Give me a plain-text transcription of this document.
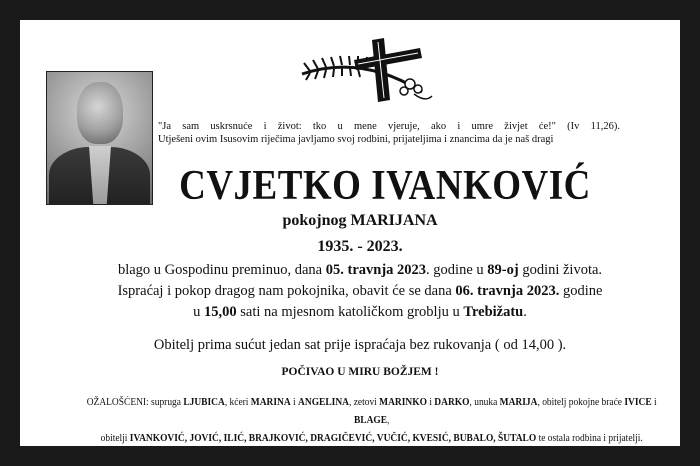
"Ja sam uskrsnuće i život: tko u mene vjeruje, ako i umre živjet će!" (Iv 11,26).
Utješeni ovim Isusovim riječima javljamo svoj rodbini, prijateljima i znancima da je naš dragi
CVJETKO IVANKOVIĆ
pokojnog MARIJANA
1935. - 2023.
blago u Gospodinu preminuo, dana 05. travnja 2023. godine u 89-oj godini života.
Ispraćaj i pokop dragog nam pokojnika, obavit će se dana 06. travnja 2023. godine
u 15,00 sati na mjesnom katoličkom groblju u Trebižatu.
Obitelj prima sućut jedan sat prije ispraćaja bez rukovanja ( od 14,00 ).
POČIVAO U MIRU BOŽJEM !
OŽALOŠĆENI: supruga LJUBICA, kćeri MARINA i ANGELINA, zetovi MARINKO i DARKO, unuka MARIJA, obitelj pokojne braće IVICE i BLAGE,
obitelji IVANKOVIĆ, JOVIĆ, ILIĆ, BRAJKOVIĆ, DRAGIČEVIĆ, VUČIĆ, KVESIĆ, BUBALO, ŠUTALO te ostala rodbina i prijatelji.
